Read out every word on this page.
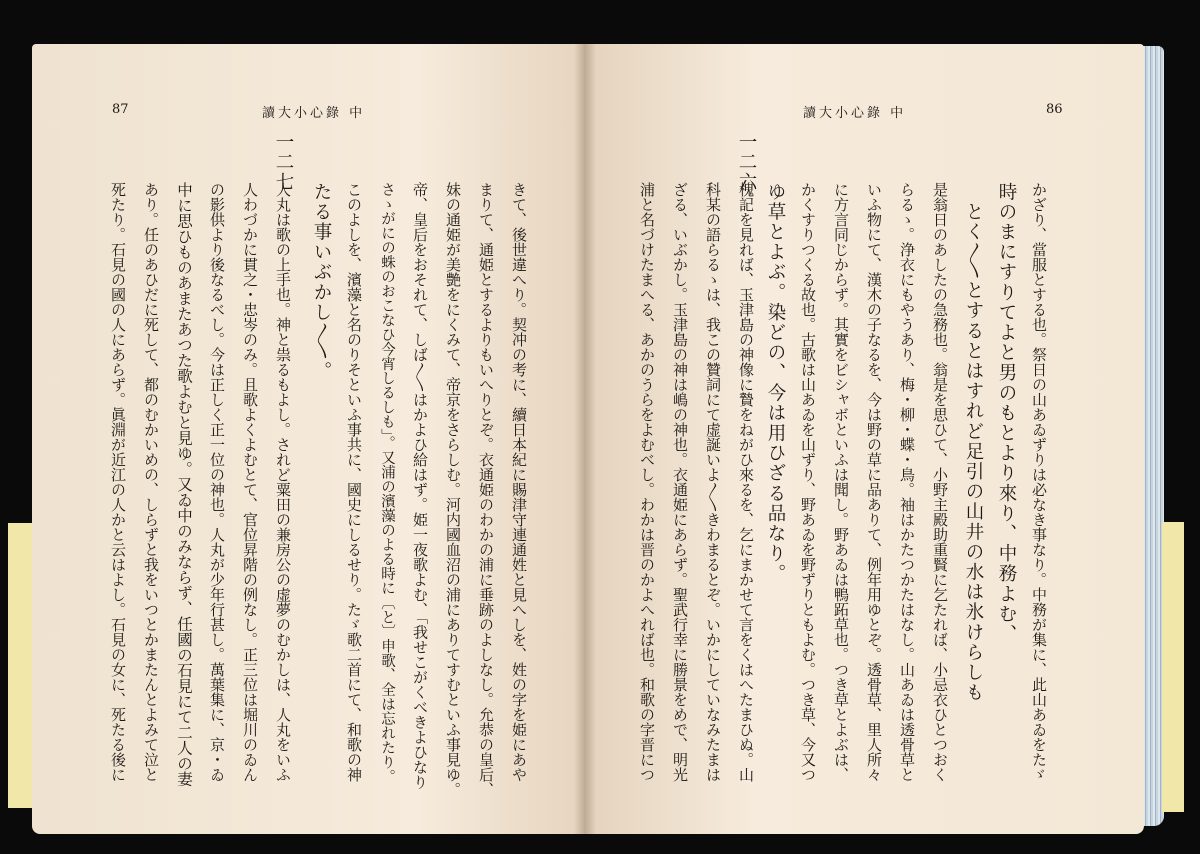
87	讀大小心錄 中	讀大小心錄 中	86
かざり、當服とする也。祭日の山あゐずりは必なき事なり。中務が集に、此山あゐをたゞ
時のまにすりてよと男のもとより來り、中務よむ、
とく〳〵とするとはすれど足引の山井の水は氷けらしも
是翁日のあしたの急務也。翁是を思ひて、小野主殿助重賢に乞たれば、小忌衣ひとつおく
らるゝ。浄衣にもやうあり、梅・柳・蝶・鳥。袖はかたつかたはなし。山あゐは透骨草と
いふ物にて、漢木の子なるを、今は野の草に品ありて、例年用ゆとぞ。透骨草、里人所々
に方言同じからず。其實をビシャボといふは聞し。野あゐは鴨跖草也。つき草とよぶは、
かくすりつくる故也。古歌は山あゐを山ずり、野あゐを野ずりともよむ。つき草、今又つ
ゆ草とよぶ。染どの、今は用ひざる品なり。
一二六
槐記を見れば、玉津島の神像に贄をねがひ來るを、乞にまかせて言をくはへたまひぬ。山
科某の語らるゝは、我この贊詞にて虚誕いよ〳〵きわまるとぞ。いかにしていなみたまは
ざる、いぶかし。玉津島の神は嶋の神也。衣通姫にあらず。聖武行幸に勝景をめで、明光
浦と名づけたまへる、あかのうらをよむべし。わかは晋のかよへれば也。和歌の字晋につ
きて、後世違へり。契冲の考に、續日本紀に賜津守連通姓と見へしを、姓の字を姫にあや
まりて、通姫とするよりもいへりとぞ。衣通姫のわかの浦に垂跡のよしなし。允恭の皇后、
妹の通姫が美艶をにくみて、帝京をさらしむ。河内國血沼の浦にありてすむといふ事見ゆ。
帝、皇后をおそれて、しば〳〵はかよひ給はず。姫一夜歌よむ、「我せこがくべきよひなり
さゝがにの蛛のおこなひ今宵しるしも」。又浦の濱藻のよる時に〔と〕申歌、全は忘れたり。
このよしを、濱藻と名のりそといふ事共に、國史にしるせり。たゞ歌二首にて、和歌の神
たる事いぶかし〳〵。
一二七
人丸は歌の上手也。神と祟るもよし。されど粟田の兼房公の虚夢のむかしは、人丸をいふ
人わづかに貫之・忠岑のみ。且歌よくよむとて、官位昇階の例なし。正三位は堀川のゐん
の影供より後なるべし。今は正しく正一位の神也。人丸が少年行甚し。萬葉集に、京・ゐ
中に思ひものあまたあつた歌よむと見ゆ。又ゐ中のみならず、任國の石見にて二人の妻
あり。任のあひだに死して、都のむかいめの、しらずと我をいつとかまたんとよみて泣と
死たり。石見の國の人にあらず。眞淵が近江の人かと云はよし。石見の女に、死たる後に
